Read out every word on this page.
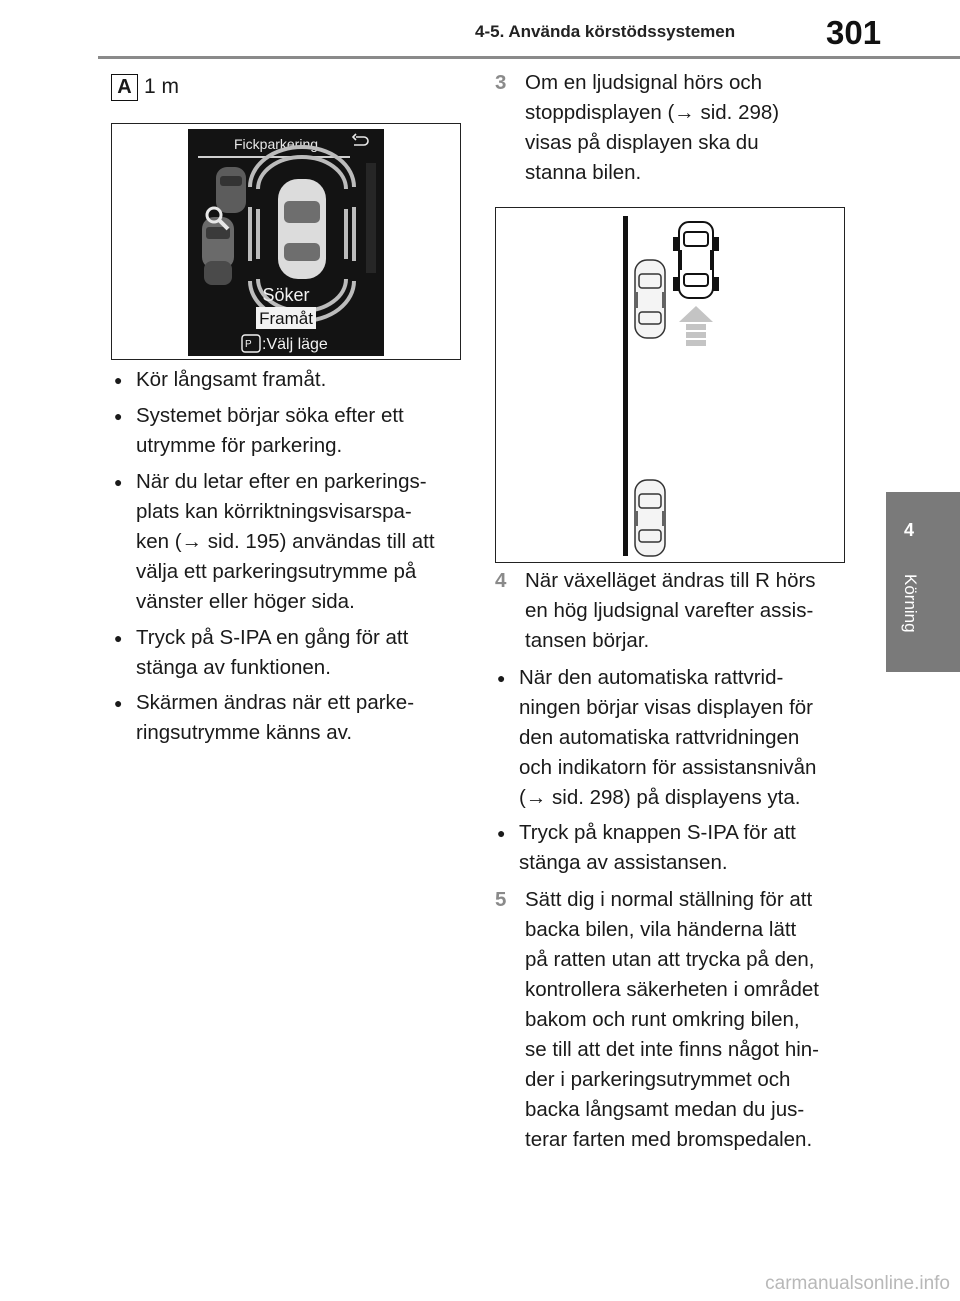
4-5. Använda körstödssystemen	301
4
Körning
A 1 m
Fickparkering
Söker
Framåt
P :Välj läge
● Kör långsamt framåt.
● Systemet börjar söka efter ett
utrymme för parkering.
● När du letar efter en parkerings-
plats kan körriktningsvisarspa-
ken (→ sid. 195) användas till att
välja ett parkeringsutrymme på
vänster eller höger sida.
● Tryck på S-IPA en gång för att
stänga av funktionen.
● Skärmen ändras när ett parke-
ringsutrymme känns av.
3 Om en ljudsignal hörs och
stoppdisplayen (→ sid. 298)
visas på displayen ska du
stanna bilen.
4 När växelläget ändras till R hörs
en hög ljudsignal varefter assis-
tansen börjar.
● När den automatiska rattvrid-
ningen börjar visas displayen för
den automatiska rattvridningen
och indikatorn för assistansnivån
(→ sid. 298) på displayens yta.
● Tryck på knappen S-IPA för att
stänga av assistansen.
5 Sätt dig i normal ställning för att
backa bilen, vila händerna lätt
på ratten utan att trycka på den,
kontrollera säkerheten i området
bakom och runt omkring bilen,
se till att det inte finns något hin-
der i parkeringsutrymmet och
backa långsamt medan du jus-
terar farten med bromspedalen.
carmanualsonline.info
